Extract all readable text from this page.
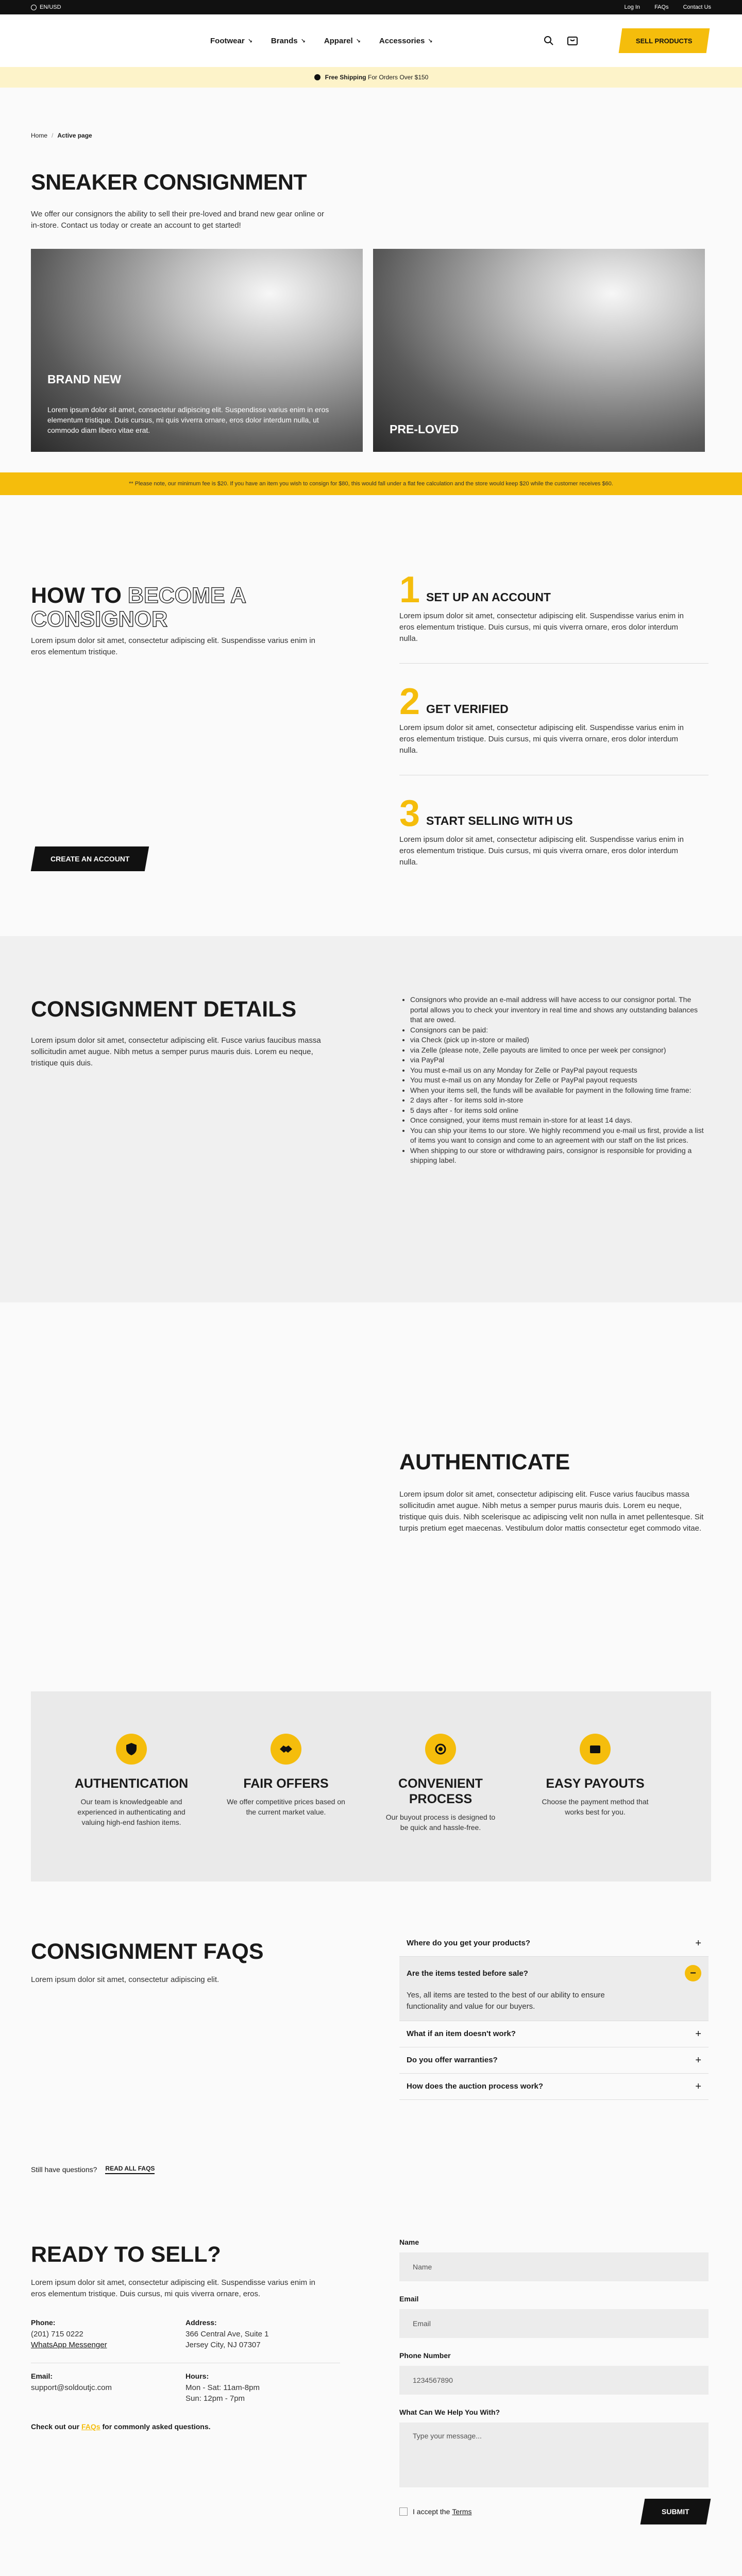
EN/USD	Log In	FAQs	Contact Us
Footwear ↘ Brands ↘ Apparel ↘ Accessories ↘	SELL PRODUCTS
Free Shipping For Orders Over $150
Home / Active page
SNEAKER CONSIGNMENT

We offer our consignors the ability to sell their pre-loved and brand new gear online or in-store. Contact us today or create an account to get started!

BRAND NEW
Lorem ipsum dolor sit amet, consectetur adipiscing elit. Suspendisse varius enim in eros elementum tristique. Duis cursus, mi quis viverra ornare, eros dolor interdum nulla, ut commodo diam libero vitae erat.	PRE-LOVED
** Please note, our minimum fee is $20. If you have an item you wish to consign for $80, this would fall under a flat fee calculation and the store would keep $20 while the customer receives $60.
HOW TO BECOME A
CONSIGNOR

Lorem ipsum dolor sit amet, consectetur adipiscing elit. Suspendisse varius enim in eros elementum tristique.

CREATE AN ACCOUNT
1 SET UP AN ACCOUNT

Lorem ipsum dolor sit amet, consectetur adipiscing elit. Suspendisse varius enim in eros elementum tristique. Duis cursus, mi quis viverra ornare, eros dolor interdum nulla.

2 GET VERIFIED

Lorem ipsum dolor sit amet, consectetur adipiscing elit. Suspendisse varius enim in eros elementum tristique. Duis cursus, mi quis viverra ornare, eros dolor interdum nulla.

3 START SELLING WITH US

Lorem ipsum dolor sit amet, consectetur adipiscing elit. Suspendisse varius enim in eros elementum tristique. Duis cursus, mi quis viverra ornare, eros dolor interdum nulla.

CONSIGNMENT DETAILS

Lorem ipsum dolor sit amet, consectetur adipiscing elit. Fusce varius faucibus massa sollicitudin amet augue. Nibh metus a semper purus mauris duis. Lorem eu neque, tristique quis duis.

• Consignors who provide an e-mail address will have access to our consignor portal. The portal allows you to check your inventory in real time and shows any outstanding balances that are owed.
• Consignors can be paid:
• via Check (pick up in-store or mailed)
• via Zelle (please note, Zelle payouts are limited to once per week per consignor)
• via PayPal
• You must e-mail us on any Monday for Zelle or PayPal payout requests
• You must e-mail us on any Monday for Zelle or PayPal payout requests
• When your items sell, the funds will be available for payment in the following time frame:
• 2 days after - for items sold in-store
• 5 days after - for items sold online
• Once consigned, your items must remain in-store for at least 14 days.
• You can ship your items to our store. We highly recommend you e-mail us first, provide a list of items you want to consign and come to an agreement with our staff on the list prices.
• When shipping to our store or withdrawing pairs, consignor is responsible for providing a shipping label.
AUTHENTICATE

Lorem ipsum dolor sit amet, consectetur adipiscing elit. Fusce varius faucibus massa sollicitudin amet augue. Nibh metus a semper purus mauris duis. Lorem eu neque, tristique quis duis. Nibh scelerisque ac adipiscing velit non nulla in amet pellentesque. Sit turpis pretium eget maecenas. Vestibulum dolor mattis consectetur eget commodo vitae.

AUTHENTICATION
Our team is knowledgeable and experienced in authenticating and valuing high-end fashion items.
FAIR OFFERS
We offer competitive prices based on the current market value.
CONVENIENT PROCESS
Our buyout process is designed to be quick and hassle-free.
EASY PAYOUTS
Choose the payment method that works best for you.
CONSIGNMENT FAQS

Lorem ipsum dolor sit amet, consectetur adipiscing elit.

Still have questions? READ ALL FAQS
Where do you get your products?	+
Are the items tested before sale?	−

Yes, all items are tested to the best of our ability to ensure functionality and value for our buyers.

What if an item doesn't work?	+
Do you offer warranties?	+
How does the auction process work?	+
READY TO SELL?

Lorem ipsum dolor sit amet, consectetur adipiscing elit. Suspendisse varius enim in eros elementum tristique. Duis cursus, mi quis viverra ornare, eros.

Phone:
(201) 715 0222
WhatsApp Messenger
Address:
366 Central Ave, Suite 1
Jersey City, NJ 07307
Email:
support@soldoutjc.com
Hours:
Mon - Sat: 11am-8pm
Sun: 12pm - 7pm
Check out our FAQs for commonly asked questions.
Name
Name
Email
Email
Phone Number
1234567890
What Can We Help You With?
Type your message...
I accept the Terms	SUBMIT
